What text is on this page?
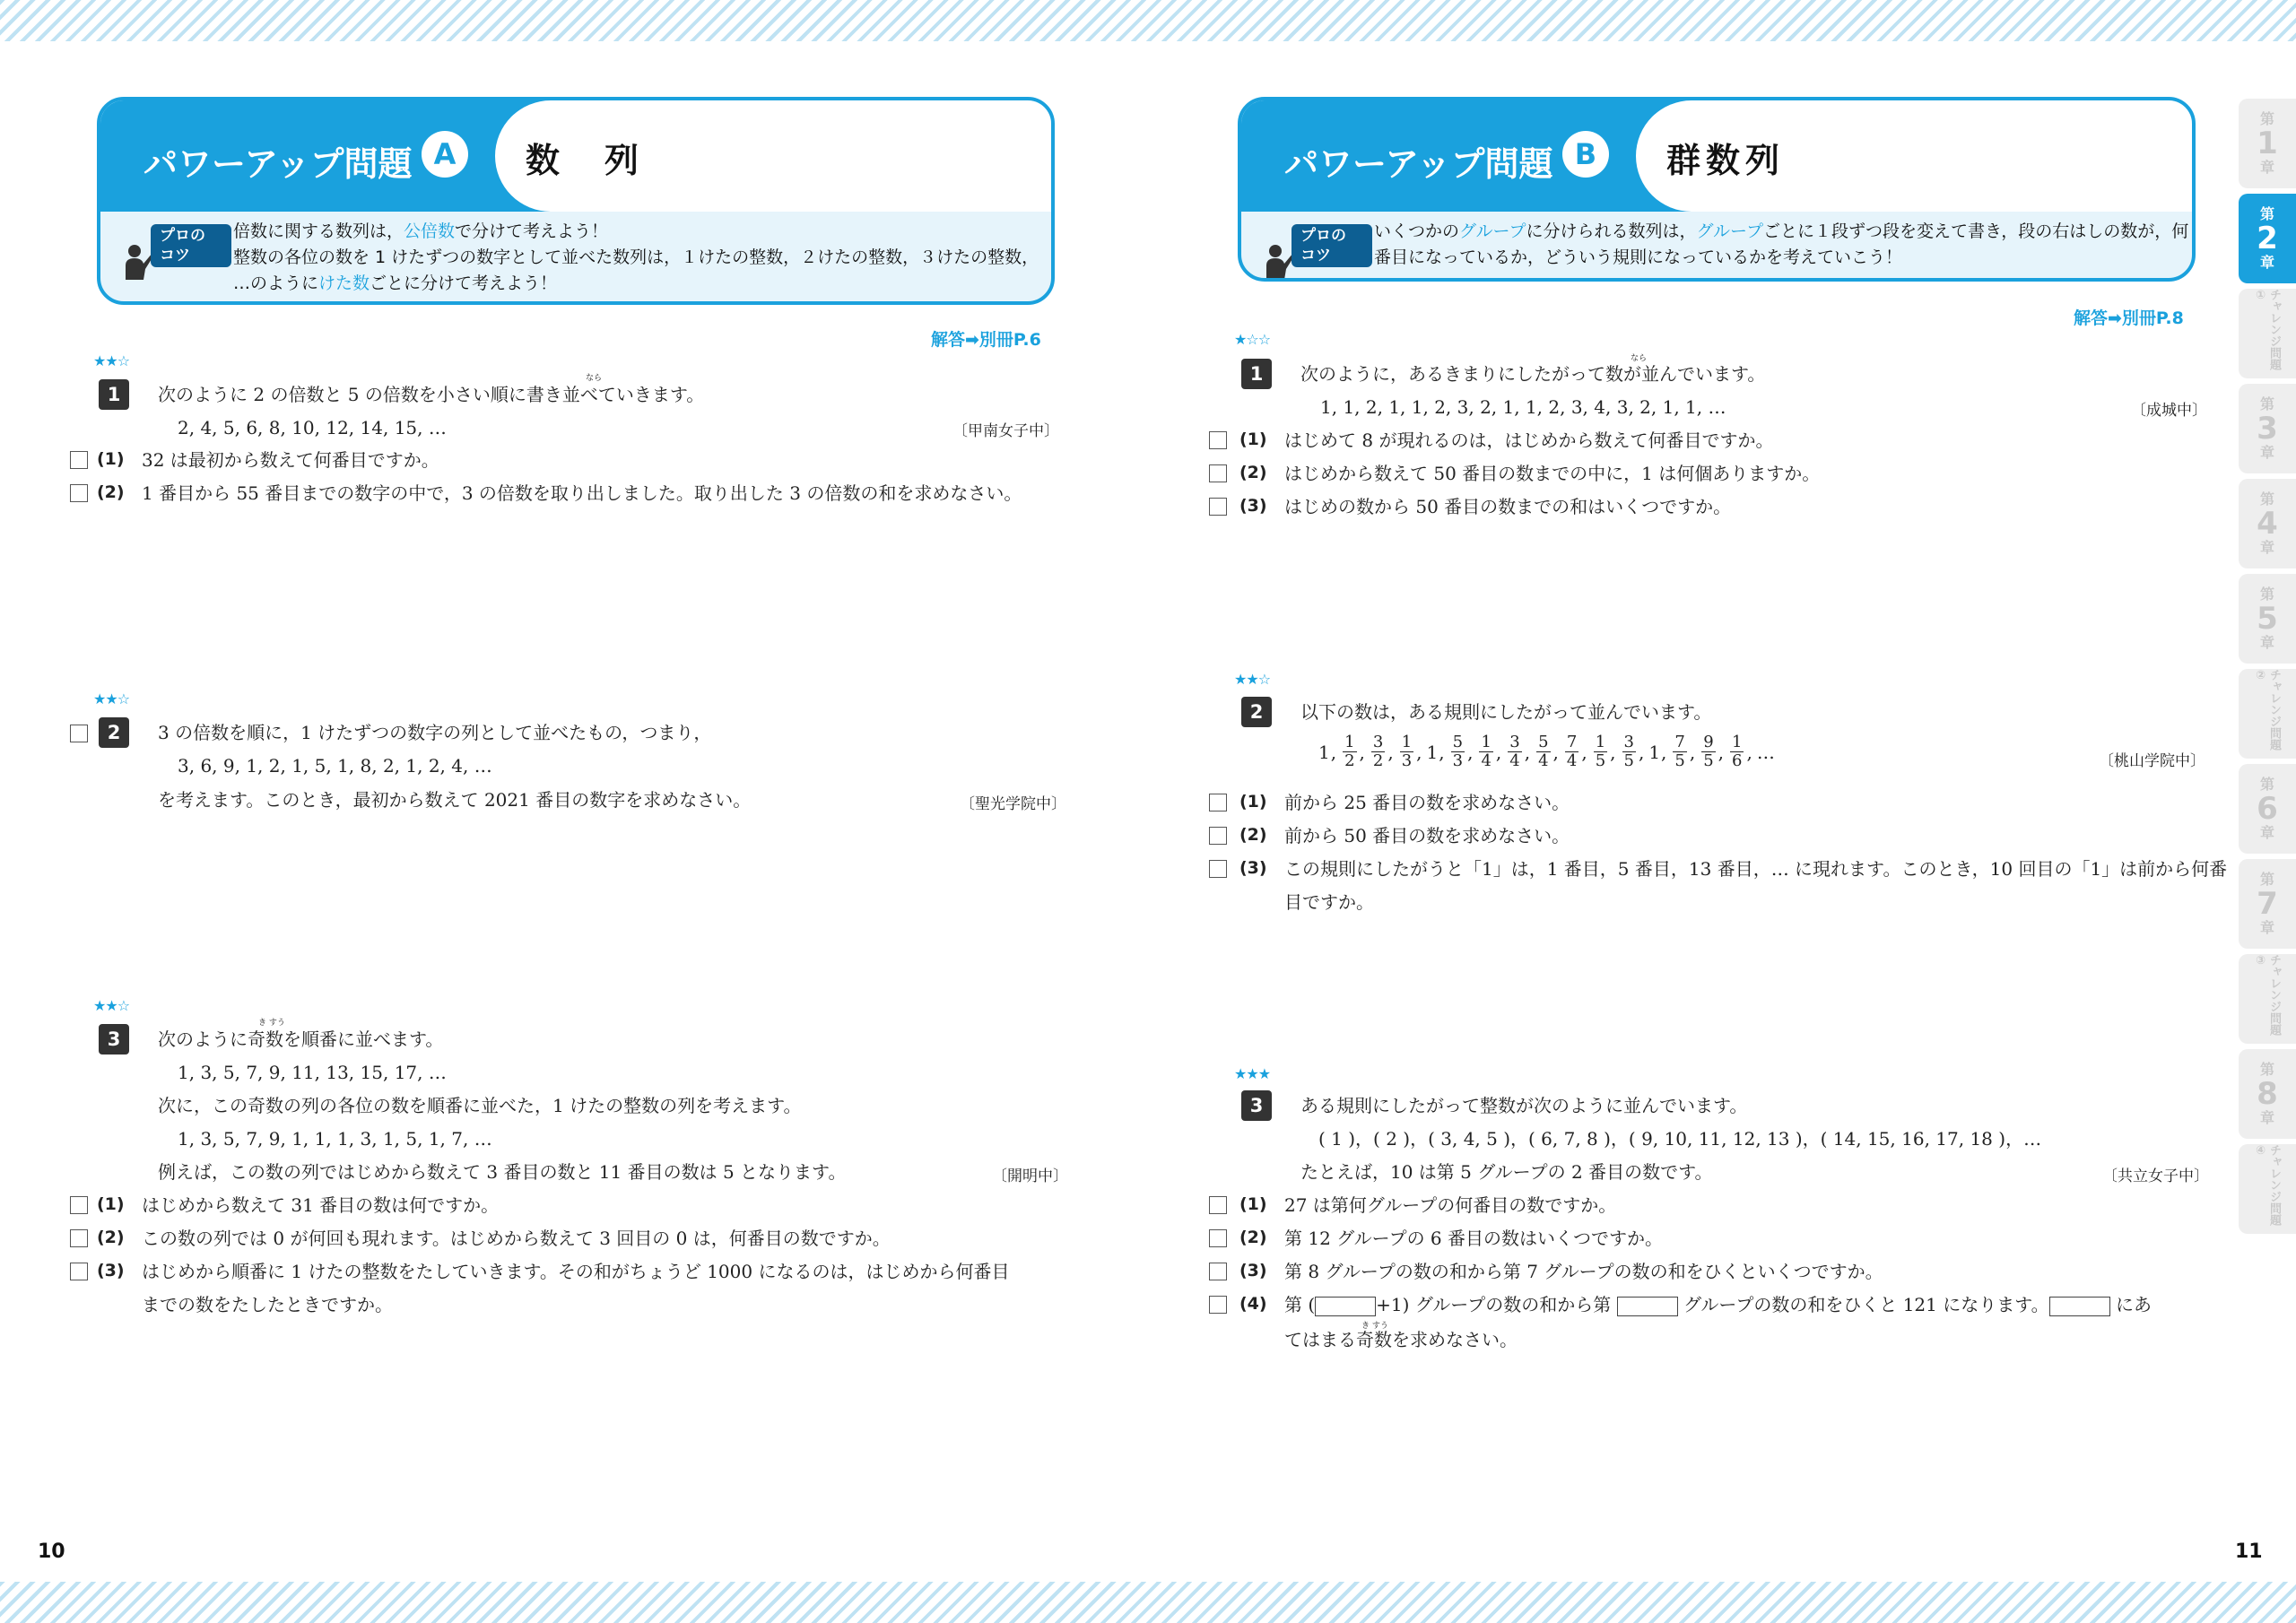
パワーアップ問題 A	数　列
プロの
コツ
倍数に関する数列は，公倍数で分けて考えよう！
整数の各位の数を 1 けたずつの数字として並べた数列は，１けたの整数，２けたの整数，３けたの整数，
…のようにけた数ごとに分けて考えよう！
解答➡別冊P.6
★★☆
1
なら
次のように 2 の倍数と 5 の倍数を小さい順に書き並べていきます。
2, 4, 5, 6, 8, 10, 12, 14, 15, …	〔甲南女子中〕
(1) 32 は最初から数えて何番目ですか。
(2) 1 番目から 55 番目までの数字の中で，3 の倍数を取り出しました。取り出した 3 の倍数の和を求めなさい。
★★☆
2	3 の倍数を順に，1 けたずつの数字の列として並べたもの，つまり，
3, 6, 9, 1, 2, 1, 5, 1, 8, 2, 1, 2, 4, …
を考えます。このとき，最初から数えて 2021 番目の数字を求めなさい。	〔聖光学院中〕
★★☆
3
き すう
次のように奇数を順番に並べます。
1, 3, 5, 7, 9, 11, 13, 15, 17, …
次に，この奇数の列の各位の数を順番に並べた，1 けたの整数の列を考えます。
1, 3, 5, 7, 9, 1, 1, 1, 3, 1, 5, 1, 7, …
例えば，この数の列ではじめから数えて 3 番目の数と 11 番目の数は 5 となります。	〔開明中〕
(1) はじめから数えて 31 番目の数は何ですか。
(2) この数の列では 0 が何回も現れます。はじめから数えて 3 回目の 0 は，何番目の数ですか。
(3) はじめから順番に 1 けたの整数をたしていきます。その和がちょうど 1000 になるのは，はじめから何番目
までの数をたしたときですか。
10
パワーアップ問題 B	群数列
プロの
コツ
いくつかのグループに分けられる数列は，グループごとに１段ずつ段を変えて書き，段の右はしの数が，何
番目になっているか，どういう規則になっているかを考えていこう！
解答➡別冊P.8
★☆☆
1
なら
次のように，あるきまりにしたがって数が並んでいます。
1, 1, 2, 1, 1, 2, 3, 2, 1, 1, 2, 3, 4, 3, 2, 1, 1, …	〔成城中〕
(1) はじめて 8 が現れるのは，はじめから数えて何番目ですか。
(2) はじめから数えて 50 番目の数までの中に，1 は何個ありますか。
(3) はじめの数から 50 番目の数までの和はいくつですか。
★★☆
2	以下の数は，ある規則にしたがって並んでいます。
1 , $\frac{1}{2}$ , $\frac{3}{2}$ , $\frac{1}{3}$ , 1 , $\frac{5}{3}$ , $\frac{1}{4}$ , $\frac{3}{4}$ , $\frac{5}{4}$ , $\frac{7}{4}$ , $\frac{1}{5}$ , $\frac{3}{5}$ , 1 , $\frac{7}{5}$ , $\frac{9}{5}$ , $\frac{1}{6}$ , …	〔桃山学院中〕
(1) 前から 25 番目の数を求めなさい。
(2) 前から 50 番目の数を求めなさい。
(3) この規則にしたがうと「1」は，1 番目，5 番目，13 番目，… に現れます。このとき，10 回目の「1」は前から何番
目ですか。
★★★
3	ある規則にしたがって整数が次のように並んでいます。
( 1 )，( 2 )，( 3, 4, 5 )，( 6, 7, 8 )，( 9, 10, 11, 12, 13 )，( 14, 15, 16, 17, 18 )，…
たとえば，10 は第 5 グループの 2 番目の数です。	〔共立女子中〕
(1) 27 は第何グループの何番目の数ですか。
(2) 第 12 グループの 6 番目の数はいくつですか。
(3) 第 8 グループの数の和から第 7 グループの数の和をひくといくつですか。
(4) 第 (	+1) グループの数の和から第	グループの数の和をひくと 121 になります。	にあ
き すう
てはまる奇数を求めなさい。
11
第
1
章
第
2
章
チャレンジ問題①
第
3
章
第
4
章
第
5
章
チャレンジ問題②
第
6
章
第
7
章
チャレンジ問題③
第
8
章
チャレンジ問題④
